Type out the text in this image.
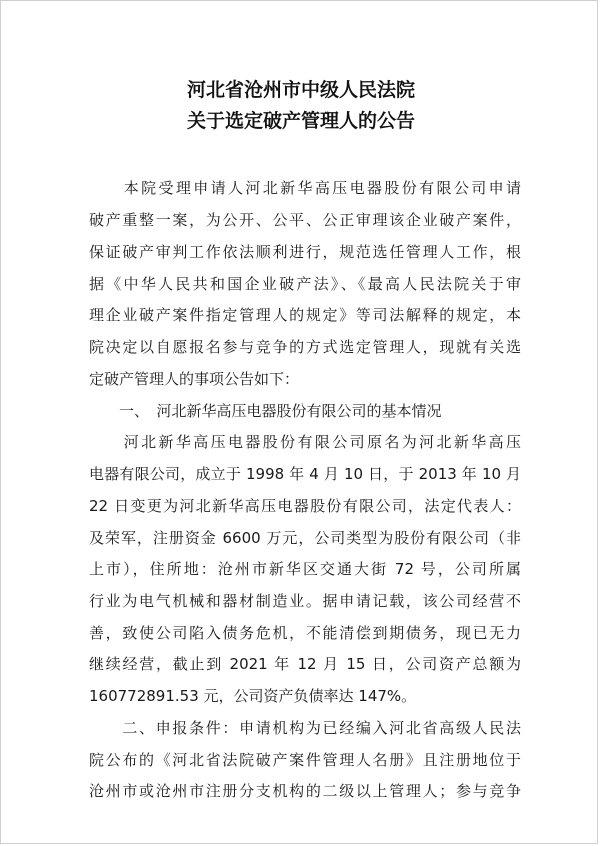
河北省沧州市中级人民法院
关于选定破产管理人的公告
　　本院受理申请人河北新华高压电器股份有限公司申请
破产重整一案，为公开、公平、公正审理该企业破产案件，
保证破产审判工作依法顺利进行，规范选任管理人工作，根
据《中华人民共和国企业破产法》、《最高人民法院关于审
理企业破产案件指定管理人的规定》等司法解释的规定，本
院决定以自愿报名参与竞争的方式选定管理人，现就有关选
定破产管理人的事项公告如下：
　　一、　河北新华高压电器股份有限公司的基本情况
　　河北新华高压电器股份有限公司原名为河北新华高压
电器有限公司，成立于 1998 年 4 月 10 日，于 2013 年 10 月
22 日变更为河北新华高压电器股份有限公司，法定代表人：
及荣军，注册资金 6600 万元，公司类型为股份有限公司（非
上市），住所地：沧州市新华区交通大街 72 号，公司所属
行业为电气机械和器材制造业。据申请记载，该公司经营不
善，致使公司陷入债务危机，不能清偿到期债务，现已无力
继续经营，截止到 2021 年 12 月 15 日，公司资产总额为
160772891.53 元，公司资产负债率达 147%。
　　二、申报条件：申请机构为已经编入河北省高级人民法
院公布的《河北省法院破产案件管理人名册》且注册地位于
沧州市或沧州市注册分支机构的二级以上管理人；参与竞争
